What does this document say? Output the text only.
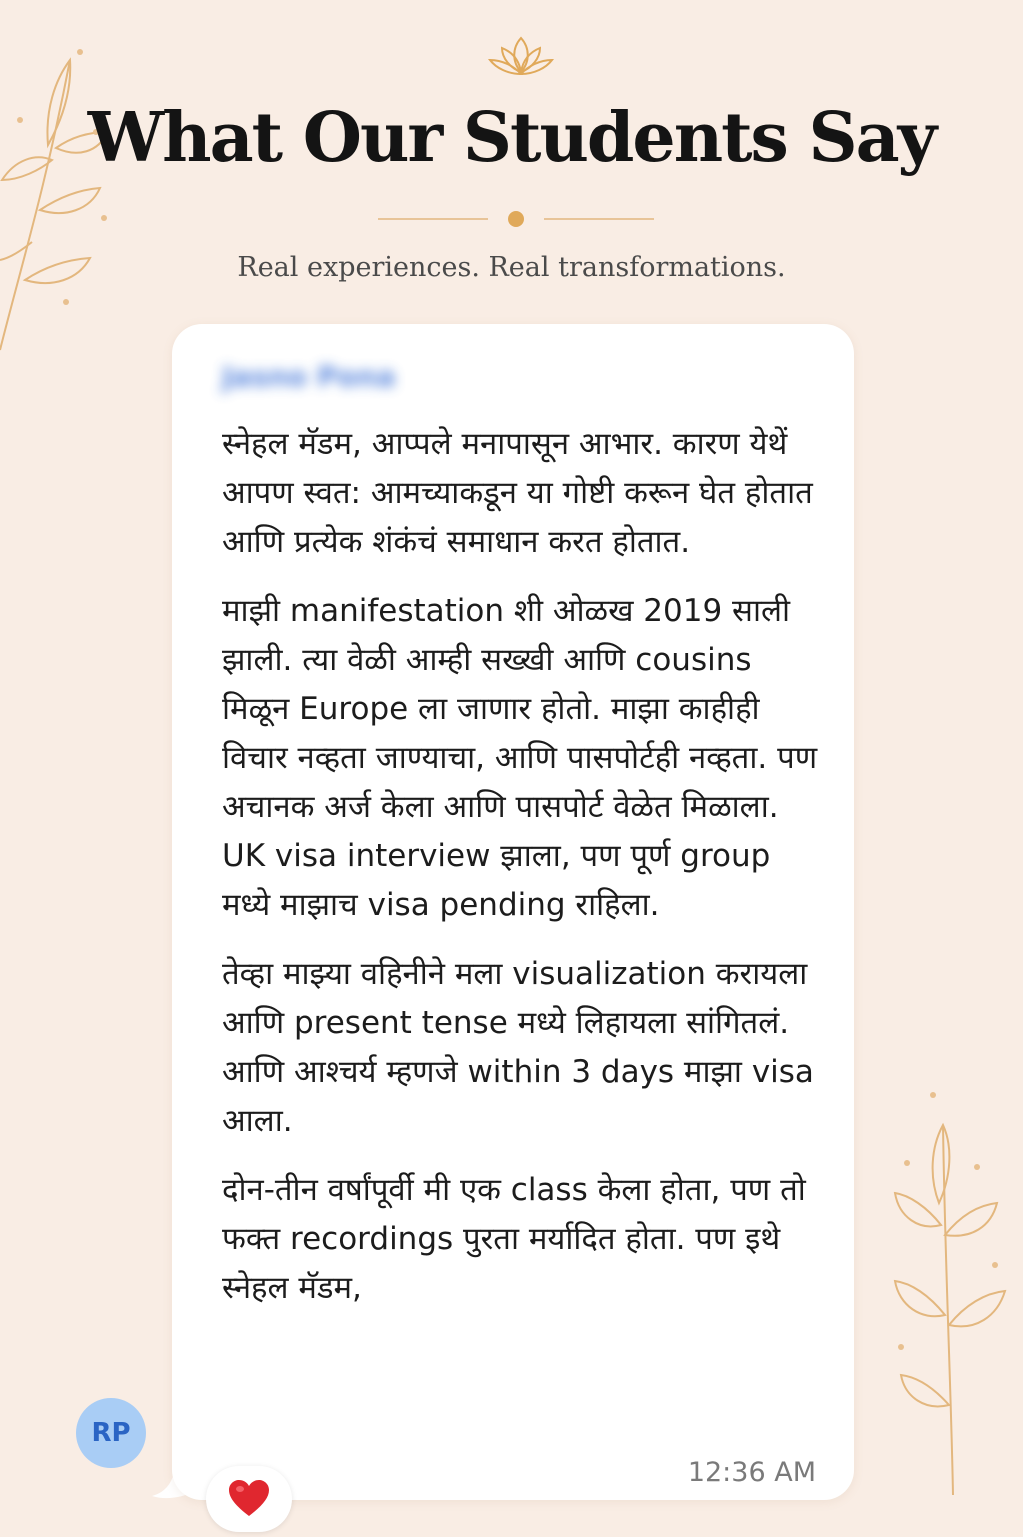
What Our Students Say
Real experiences. Real transformations.
Jasno Pona

स्नेहल मॅडम, आप्पले मनापासून आभार. कारण येथें आपण स्वत: आमच्याकडून या गोष्टी करून घेत होतात आणि प्रत्येक शंकंचं समाधान करत होतात.

माझी manifestation शी ओळख 2019 साली झाली. त्या वेळी आम्ही सख्खी आणि cousins मिळून Europe ला जाणार होतो. माझा काहीही विचार नव्हता जाण्याचा, आणि पासपोर्टही नव्हता. पण अचानक अर्ज केला आणि पासपोर्ट वेळेत मिळाला. UK visa interview झाला, पण पूर्ण group मध्ये माझाच visa pending राहिला.

तेव्हा माझ्या वहिनीने मला visualization करायला आणि present tense मध्ये लिहायला सांगितलं. आणि आश्चर्य म्हणजे within 3 days माझा visa आला.

दोन-तीन वर्षांपूर्वी मी एक class केला होता, पण तो फक्त recordings पुरता मर्यादित होता. पण इथे स्नेहल मॅडम,

12:36 AM
RP
